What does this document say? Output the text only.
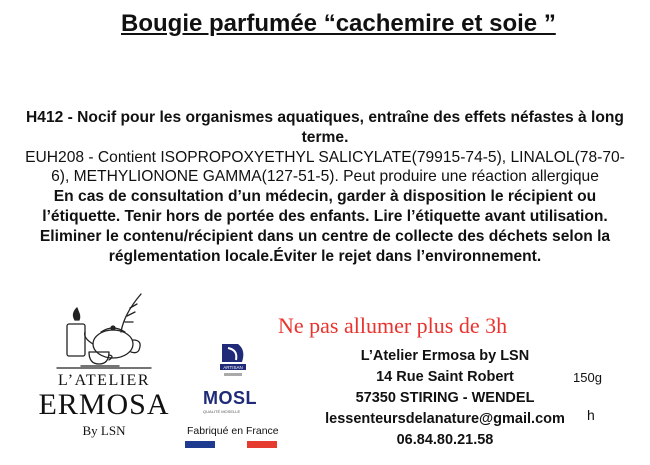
Bougie parfumée “cachemire et soie ”

H412 - Nocif pour les organismes aquatiques, entraîne des effets néfastes à long terme.

EUH208 - Contient ISOPROPOXYETHYL SALICYLATE(79915-74-5), LINALOL(78-70-6), METHYLIONONE GAMMA(127-51-5). Peut produire une réaction allergique

En cas de consultation d’un médecin, garder à disposition le récipient ou l’étiquette. Tenir hors de portée des enfants. Lire l’étiquette avant utilisation. Eliminer le contenu/récipient dans un centre de collecte des déchets selon la réglementation locale.Éviter le rejet dans l’environnement.

L’ATELIER
ERMOSA
By LSN
ARTISAN
MOSL
QUALITÉ MOSELLE
Fabriqué en France
Ne pas allumer plus de 3h
L’Atelier Ermosa by LSN
14 Rue Saint Robert
57350 STIRING - WENDEL
lessenteursdelanature@gmail.com
06.84.80.21.58
150g
h
